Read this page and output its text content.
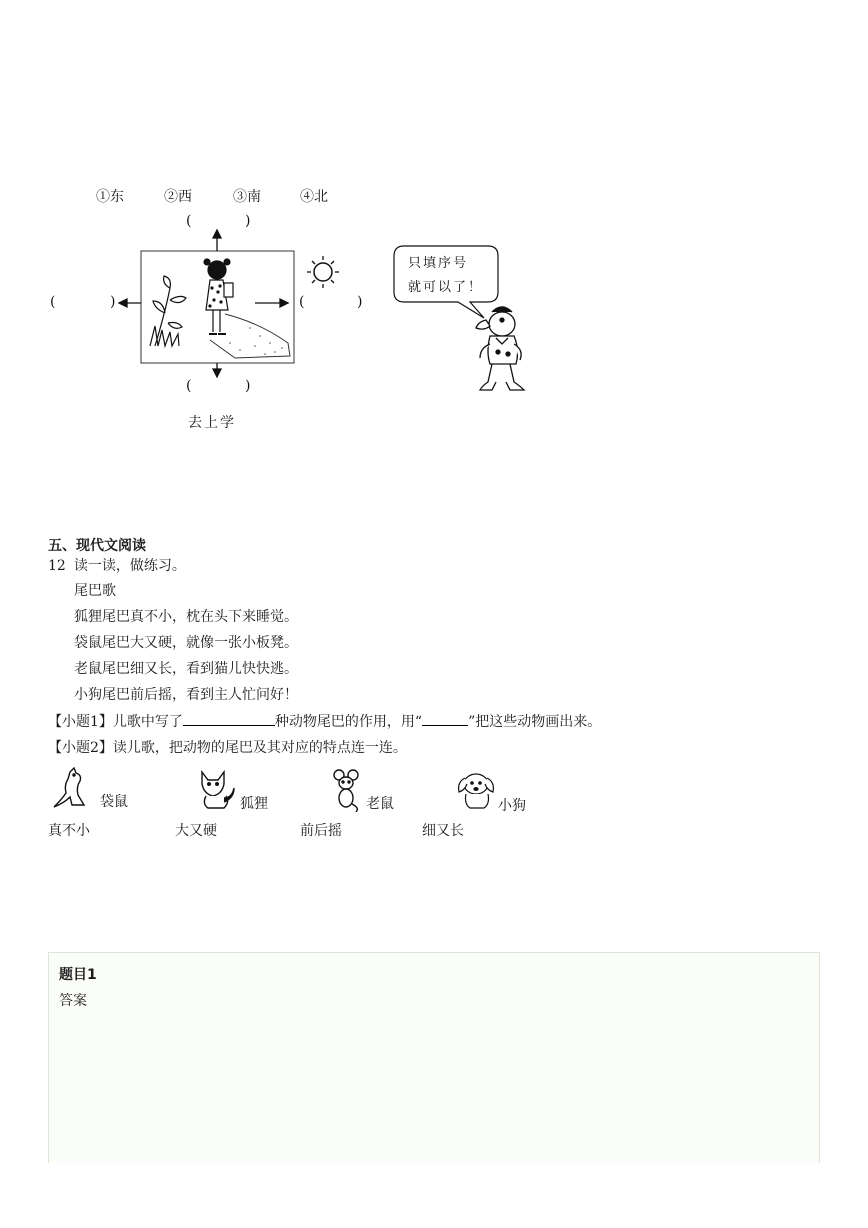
①东	②西	③南	④北
(	)
(	)	(	)
(	)
只填序号
就可以了！
去上学
五、现代文阅读
12 读一读，做练习。
尾巴歌
狐狸尾巴真不小，枕在头下来睡觉。
袋鼠尾巴大又硬，就像一张小板凳。
老鼠尾巴细又长，看到猫儿快快逃。
小狗尾巴前后摇，看到主人忙问好！
【小题1】儿歌中写了	种动物尾巴的作用，用“	”把这些动物画出来。
【小题2】读儿歌，把动物的尾巴及其对应的特点连一连。
袋鼠	狐狸	老鼠	小狗
真不小	大又硬	前后摇	细又长
题目1
答案
